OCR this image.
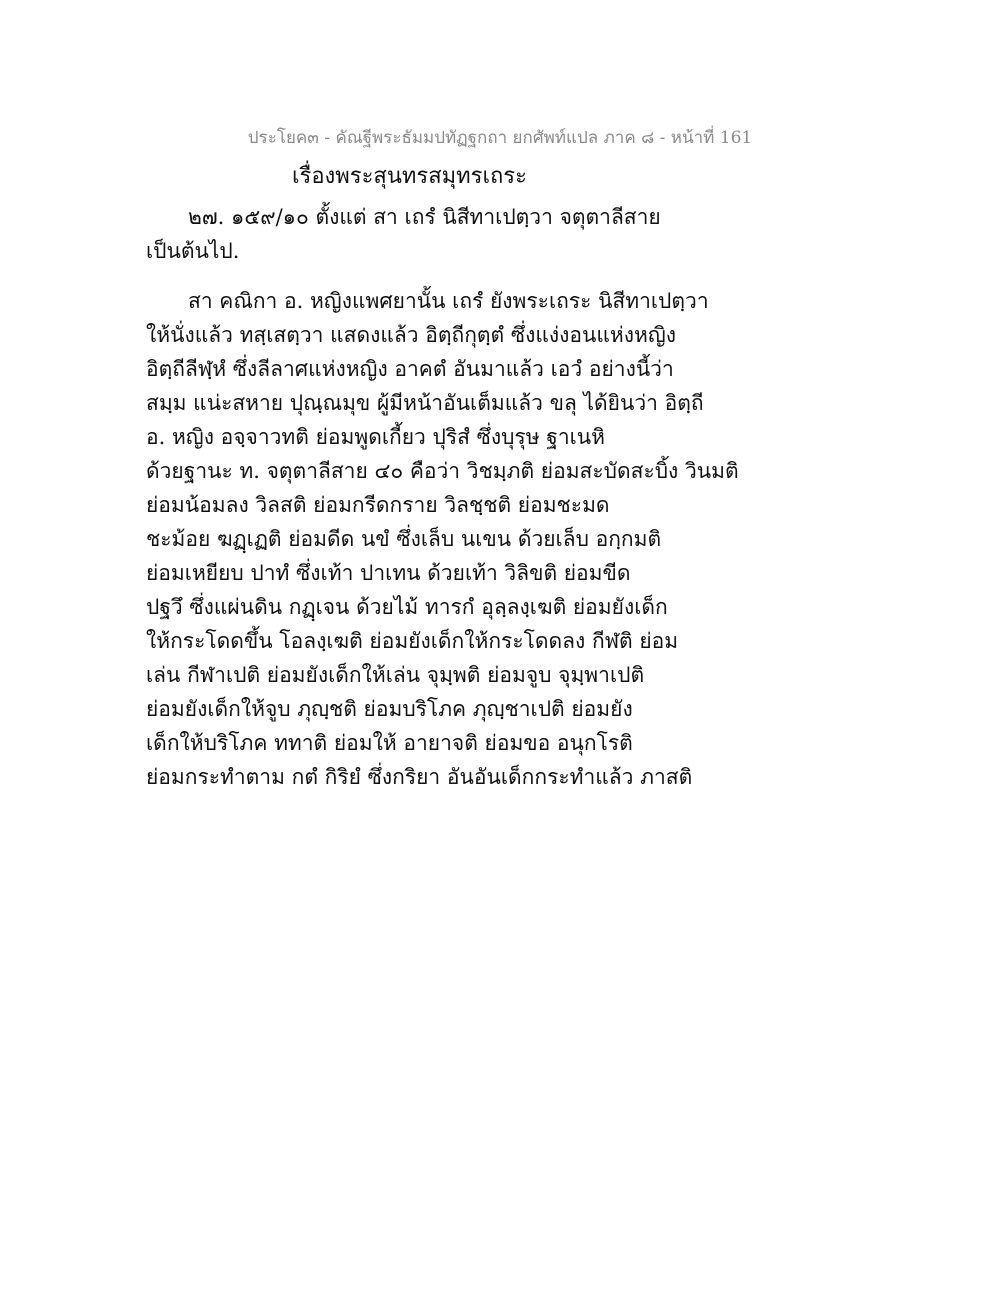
ประโยค๓ - คัณฐีพระธัมมปทัฏฐกถา ยกศัพท์แปล ภาค ๘ - หน้าที่ 161
เรื่องพระสุนทรสมุทรเถระ
๒๗. ๑๕๙/๑๐ ตั้งแต่ สา เถรํ นิสีทาเปตฺวา จตุตาลีสาย
เป็นต้นไป.
สา คณิกา อ. หญิงแพศยานั้น เถรํ ยังพระเถระ นิสีทาเปตฺวา
ให้นั่งแล้ว ทสฺเสตฺวา แสดงแล้ว อิตฺถีกุตฺตํ ซึ่งแง่งอนแห่งหญิง
อิตฺถีลีฬฺหํ ซึ่งลีลาศแห่งหญิง อาคตํ อันมาแล้ว เอวํ อย่างนี้ว่า
สมฺม แน่ะสหาย ปุณฺณมุข ผู้มีหน้าอันเต็มแล้ว ขลุ ได้ยินว่า อิตฺถี
อ. หญิง อจฺจาวทติ ย่อมพูดเกี้ยว ปุริสํ ซึ่งบุรุษ ฐาเนหิ
ด้วยฐานะ ท. จตุตาลีสาย ๔๐ คือว่า วิชมฺภติ ย่อมสะบัดสะบิ้ง วินมติ
ย่อมน้อมลง วิลสติ ย่อมกรีดกราย วิลชฺชติ ย่อมชะมด
ชะม้อย ฆฏฺเฏติ ย่อมดีด นขํ ซึ่งเล็บ นเขน ด้วยเล็บ อกฺกมติ
ย่อมเหยียบ ปาทํ ซึ่งเท้า ปาเทน ด้วยเท้า วิลิขติ ย่อมขีด
ปฐวึ ซึ่งแผ่นดิน กฏฺเจน ด้วยไม้ ทารกํ อุลฺลงฺเฆติ ย่อมยังเด็ก
ให้กระโดดขึ้น โอลงฺเฆติ ย่อมยังเด็กให้กระโดดลง กีฬติ ย่อม
เล่น กีฬาเปติ ย่อมยังเด็กให้เล่น จุมฺพติ ย่อมจูบ จุมฺพาเปติ
ย่อมยังเด็กให้จูบ ภุญฺชติ ย่อมบริโภค ภุญฺชาเปติ ย่อมยัง
เด็กให้บริโภค ททาติ ย่อมให้ อายาจติ ย่อมขอ อนุกโรติ
ย่อมกระทำตาม กตํ กิริยํ ซึ่งกริยา อันอันเด็กกระทำแล้ว ภาสติ
